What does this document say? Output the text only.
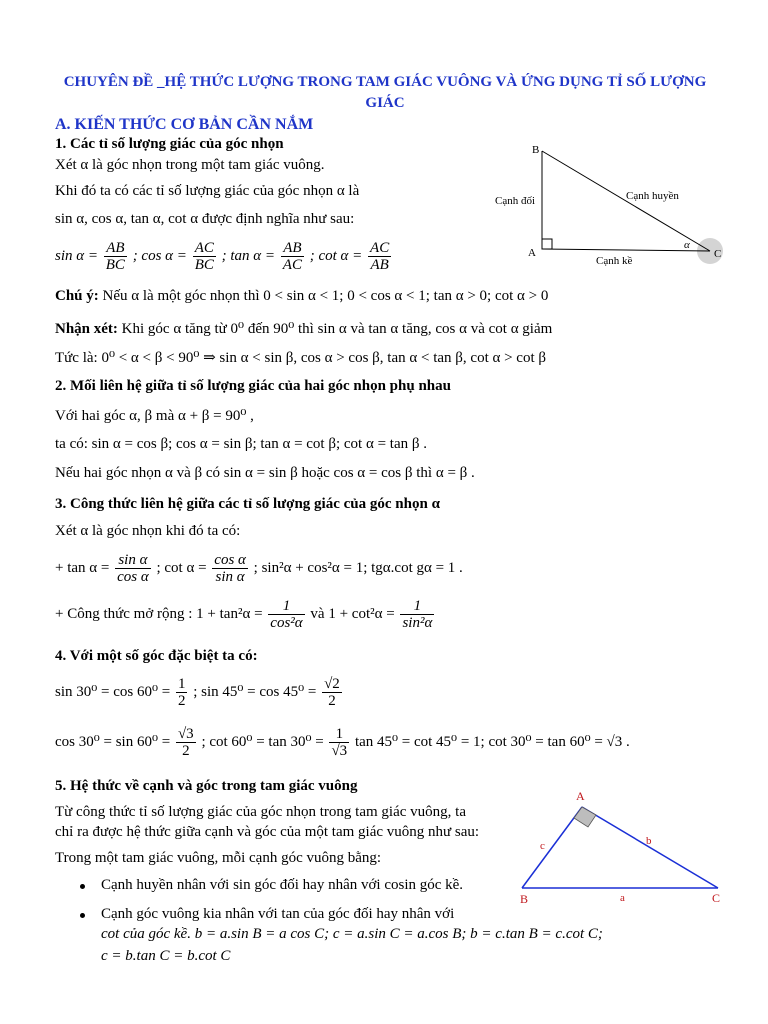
CHUYÊN ĐỀ _HỆ THỨC LƯỢNG TRONG TAM GIÁC VUÔNG VÀ ỨNG DỤNG TỈ SỐ LƯỢNG GIÁC
A. KIẾN THỨC CƠ BẢN CẦN NẮM
1. Các tỉ số lượng giác của góc nhọn
Xét α là góc nhọn trong một tam giác vuông.
Khi đó ta có các tỉ số lượng giác của góc nhọn α là
sin α, cos α, tan α, cot α được định nghĩa như sau:
$\sin \alpha = \frac{AB}{BC}$ ; $\cos \alpha = \frac{AC}{BC}$ ; $\tan \alpha = \frac{AB}{AC}$ ; $\cot \alpha = \frac{AC}{AB}$
Chú ý: Nếu α là một góc nhọn thì 0 < sin α < 1; 0 < cos α < 1; tan α > 0; cot α > 0
Nhận xét: Khi góc α tăng từ 0⁰ đến 90⁰ thì sin α và tan α tăng, cos α và cot α giảm
Tức là: 0⁰ < α < β < 90⁰ ⇒ sin α < sin β, cos α > cos β, tan α < tan β, cot α > cot β
B
A	C
Cạnh đối	Cạnh huyền
Cạnh kề
α
2. Mối liên hệ giữa tỉ số lượng giác của hai góc nhọn phụ nhau
Với hai góc α, β mà α + β = 90⁰ ,
ta có: sin α = cos β; cos α = sin β; tan α = cot β; cot α = tan β .
Nếu hai góc nhọn α và β có sin α = sin β hoặc cos α = cos β thì α = β .
3. Công thức liên hệ giữa các tỉ số lượng giác của góc nhọn α
Xét α là góc nhọn khi đó ta có:
+ $\tan \alpha = \frac{\text{sin α}}{\text{cos α}}$ ; $\cot \alpha = \frac{\text{cos α}}{\text{sin α}}$ ; sin²α + cos²α = 1; tgα.cot gα = 1 .
+ Công thức mở rộng : $1 + \tan^2\alpha = \frac{1}{\text{cos²α}}$ và $1 + \cot^2\alpha = \frac{1}{\text{sin²α}}$
4. Với một số góc đặc biệt ta có:
$\sin 30^0 = \cos 60^0 = \frac{1}{2}$ ; $\sin 45^0 = \cos 45^0 = \frac{√2}{2}$
$\cos 30^0 = \sin 60^0 = \frac{√3}{2}$ ; $\cot 60^0 = \tan 30^0 = \frac{1}{√3}$ tan 45⁰ = cot 45⁰ = 1; cot 30⁰ = tan 60⁰ = √3 .
5. Hệ thức về cạnh và góc trong tam giác vuông
Từ công thức tỉ số lượng giác của góc nhọn trong tam giác vuông, ta
chỉ ra được hệ thức giữa cạnh và góc của một tam giác vuông như sau:
Trong một tam giác vuông, mỗi cạnh góc vuông bằng:
Cạnh huyền nhân với sin góc đối hay nhân với cosin góc kề.
Cạnh góc vuông kia nhân với tan của góc đối hay nhân với
cot của góc kề. b = a.sin B = a cos C; c = a.sin C = a.cos B; b = c.tan B = c.cot C;
c = b.tan C = b.cot C
A
B	C
c	b
a
